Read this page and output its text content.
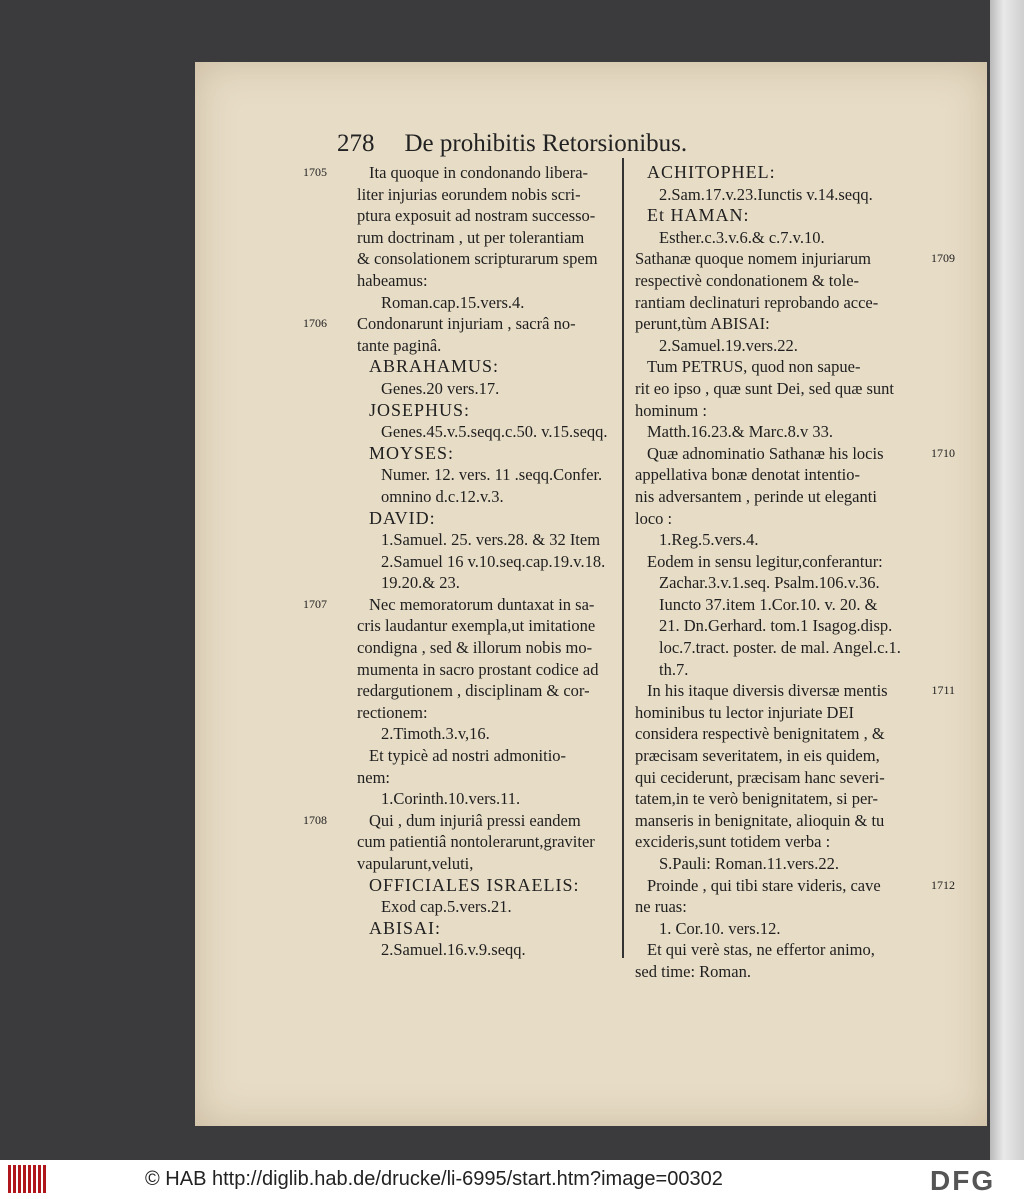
278 De prohibitis Retorsionibus.
1705	Ita quoque in condonando libera-
liter injurias eorundem nobis scri-
ptura exposuit ad nostram successo-
rum doctrinam , ut per tolerantiam
& consolationem scripturarum spem
habeamus:
Roman.cap.15.vers.4.
1706 Condonarunt injuriam , sacrâ no-
tante paginâ.
ABRAHAMUS:
Genes.20 vers.17.
JOSEPHUS:
Genes.45.v.5.seqq.c.50. v.15.seqq.
MOYSES:
Numer. 12. vers. 11 .seqq.Confer.
omnino d.c.12.v.3.
DAVID:
1.Samuel. 25. vers.28. & 32 Item
2.Samuel 16 v.10.seq.cap.19.v.18.
19.20.& 23.
1707	Nec memoratorum duntaxat in sa-
cris laudantur exempla,ut imitatione
condigna , sed & illorum nobis mo-
mumenta in sacro prostant codice ad
redargutionem , disciplinam & cor-
rectionem:
2.Timoth.3.v,16.
Et typicè ad nostri admonitio-
nem:
1.Corinth.10.vers.11.
1708	Qui , dum injuriâ pressi eandem
cum patientiâ nontolerarunt,graviter
vapularunt,veluti,
OFFICIALES ISRAELIS:
Exod cap.5.vers.21.
ABISAI:
2.Samuel.16.v.9.seqq.
ACHITOPHEL:
2.Sam.17.v.23.Iunctis v.14.seqq.
Et HAMAN:
Esther.c.3.v.6.& c.7.v.10.
1709
Sathanæ quoque nomem injuriarum
respectivè condonationem & tole-
rantiam declinaturi reprobando acce-
perunt,tùm ABISAI:
2.Samuel.19.vers.22.
Tum PETRUS, quod non sapue-
rit eo ipso , quæ sunt Dei, sed quæ sunt
hominum :
Matth.16.23.& Marc.8.v 33.
1710
Quæ adnominatio Sathanæ his locis
appellativa bonæ denotat intentio-
nis adversantem , perinde ut eleganti
loco :
1.Reg.5.vers.4.
Eodem in sensu legitur,conferantur:
Zachar.3.v.1.seq. Psalm.106.v.36.
Iuncto 37.item 1.Cor.10. v. 20. &
21. Dn.Gerhard. tom.1 Isagog.disp.
loc.7.tract. poster. de mal. Angel.c.1.
th.7.
1711
In his itaque diversis diversæ mentis
hominibus tu lector injuriate DEI
considera respectivè benignitatem , &
præcisam severitatem, in eis quidem,
qui ceciderunt, præcisam hanc severi-
tatem,in te verò benignitatem, si per-
manseris in benignitate, alioquin & tu
excideris,sunt totidem verba :
S.Pauli: Roman.11.vers.22.
1712
Proinde , qui tibi stare videris, cave
ne ruas:
1. Cor.10. vers.12.
Et qui verè stas, ne effertor animo,
sed time: Roman.
© HAB http://diglib.hab.de/drucke/li-6995/start.htm?image=00302	DFG
